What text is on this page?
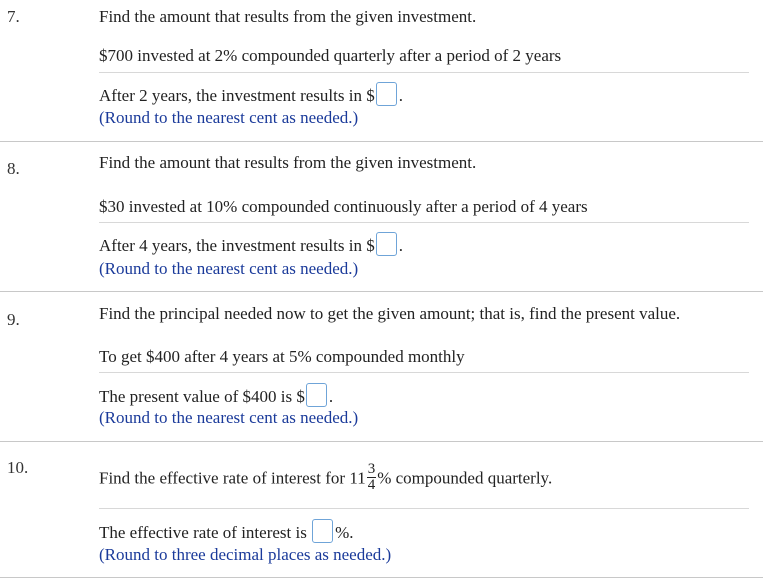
7.	Find the amount that results from the given investment.
$700 invested at 2% compounded quarterly after a period of 2 years
After 2 years, the investment results in $ .
(Round to the nearest cent as needed.)
8.	Find the amount that results from the given investment.
$30 invested at 10% compounded continuously after a period of 4 years
After 4 years, the investment results in $ .
(Round to the nearest cent as needed.)
9.	Find the principal needed now to get the given amount; that is, find the present value.
To get $400 after 4 years at 5% compounded monthly
The present value of $400 is $ .
(Round to the nearest cent as needed.)
10.
Find the effective rate of interest for $11 \frac{3}{4}$ % compounded quarterly.
The effective rate of interest is %.
(Round to three decimal places as needed.)
